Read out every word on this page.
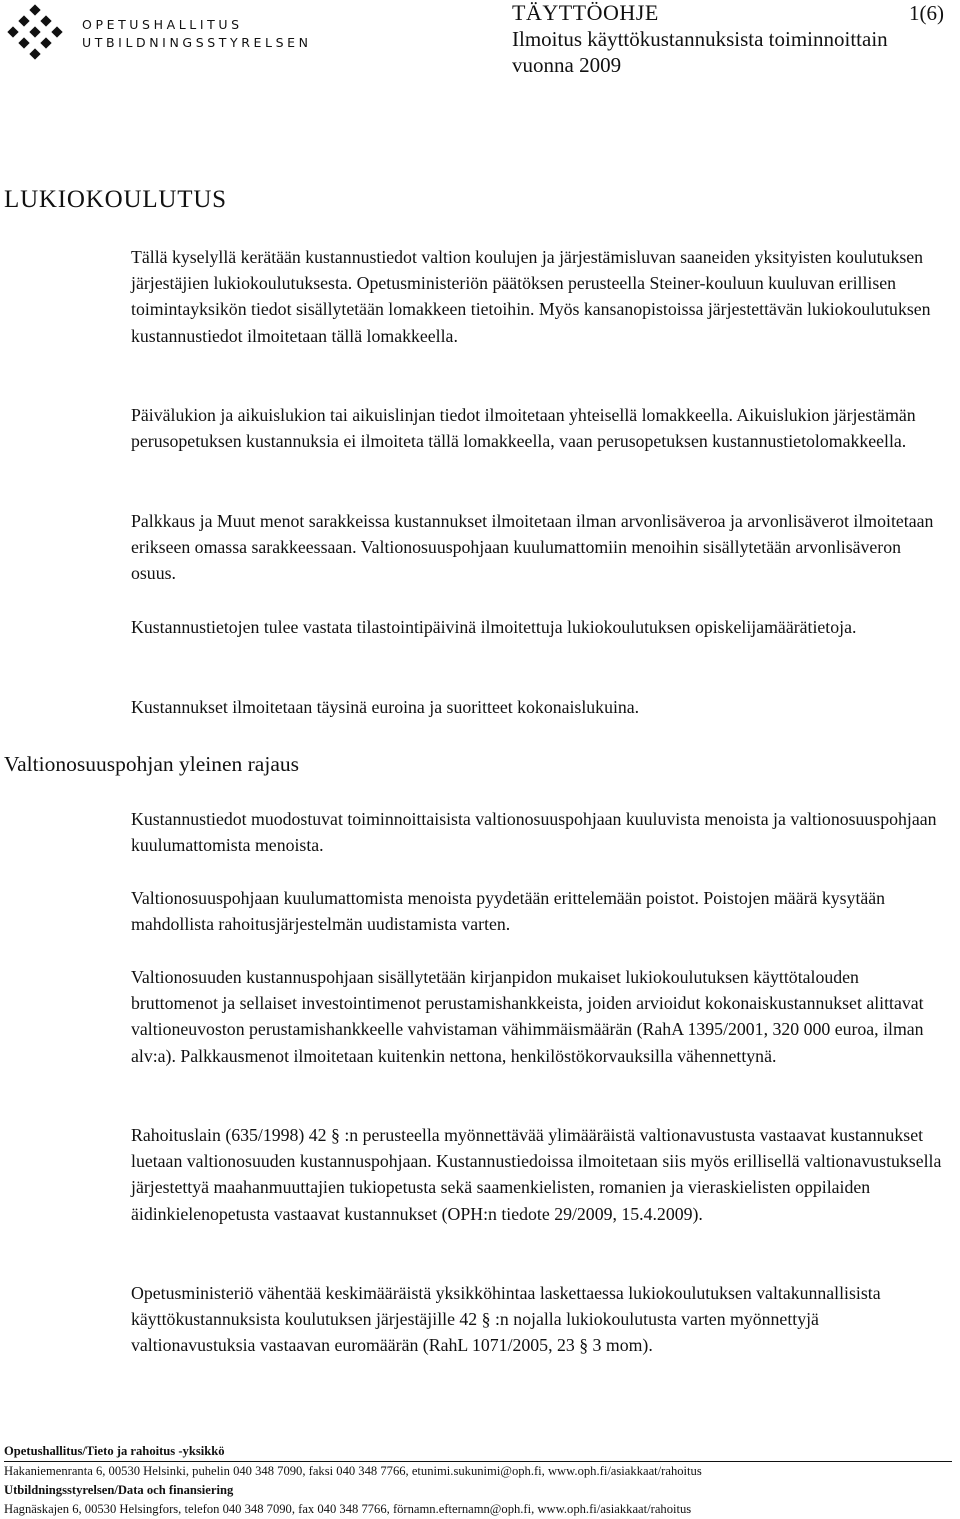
OPETUSHALLITUS
UTBILDNINGSSTYRELSEN
TÄYTTÖOHJE	1(6)
Ilmoitus käyttökustannuksista toiminnoittain
vuonna 2009
LUKIOKOULUTUS

Tällä kyselyllä kerätään kustannustiedot valtion koulujen ja järjestämisluvan saaneiden yksityisten koulutuksen järjestäjien lukiokoulutuksesta. Opetusministeriön päätöksen perusteella Steiner-kouluun kuuluvan erillisen toimintayksikön tiedot sisällytetään lomakkeen tietoihin. Myös kansanopistoissa järjestettävän lukiokoulutuksen kustannustiedot ilmoitetaan tällä lomakkeella.

Päivälukion ja aikuislukion tai aikuislinjan tiedot ilmoitetaan yhteisellä lomakkeella. Aikuislukion järjestämän perusopetuksen kustannuksia ei ilmoiteta tällä lomakkeella, vaan perusopetuksen kustannustietolomakkeella.

Palkkaus ja Muut menot sarakkeissa kustannukset ilmoitetaan ilman arvonlisäveroa ja arvonlisäverot ilmoitetaan erikseen omassa sarakkeessaan. Valtionosuuspohjaan kuulumattomiin menoihin sisällytetään arvonlisäveron osuus.

Kustannustietojen tulee vastata tilastointipäivinä ilmoitettuja lukiokoulutuksen opiskelijamäärätietoja.

Kustannukset ilmoitetaan täysinä euroina ja suoritteet kokonaislukuina.

Valtionosuuspohjan yleinen rajaus

Kustannustiedot muodostuvat toiminnoittaisista valtionosuuspohjaan kuuluvista menoista ja valtionosuuspohjaan kuulumattomista menoista.

Valtionosuuspohjaan kuulumattomista menoista pyydetään erittelemään poistot. Poistojen määrä kysytään mahdollista rahoitusjärjestelmän uudistamista varten.

Valtionosuuden kustannuspohjaan sisällytetään kirjanpidon mukaiset lukiokoulutuksen käyttötalouden bruttomenot ja sellaiset investointimenot perustamishankkeista, joiden arvioidut kokonaiskustannukset alittavat valtioneuvoston perustamishankkeelle vahvistaman vähimmäismäärän (RahA 1395/2001, 320 000 euroa, ilman alv:a). Palkkausmenot ilmoitetaan kuitenkin nettona, henkilöstökorvauksilla vähennettynä.

Rahoituslain (635/1998) 42 § :n perusteella myönnettävää ylimääräistä valtionavustusta vastaavat kustannukset luetaan valtionosuuden kustannuspohjaan. Kustannustiedoissa ilmoitetaan siis myös erillisellä valtionavustuksella järjestettyä maahanmuuttajien tukiopetusta sekä saamenkielisten, romanien ja vieraskielisten oppilaiden äidinkielenopetusta vastaavat kustannukset (OPH:n tiedote 29/2009, 15.4.2009).

Opetusministeriö vähentää keskimääräistä yksikköhintaa laskettaessa lukiokoulutuksen valtakunnallisista käyttökustannuksista koulutuksen järjestäjille 42 § :n nojalla lukiokoulutusta varten myönnettyjä valtionavustuksia vastaavan euromäärän (RahL 1071/2005, 23 § 3 mom).

Opetushallitus/Tieto ja rahoitus -yksikkö
Hakaniemenranta 6, 00530 Helsinki, puhelin 040 348 7090, faksi 040 348 7766, etunimi.sukunimi@oph.fi, www.oph.fi/asiakkaat/rahoitus
Utbildningsstyrelsen/Data och finansiering
Hagnäskajen 6, 00530 Helsingfors, telefon 040 348 7090, fax 040 348 7766, förnamn.efternamn@oph.fi, www.oph.fi/asiakkaat/rahoitus
